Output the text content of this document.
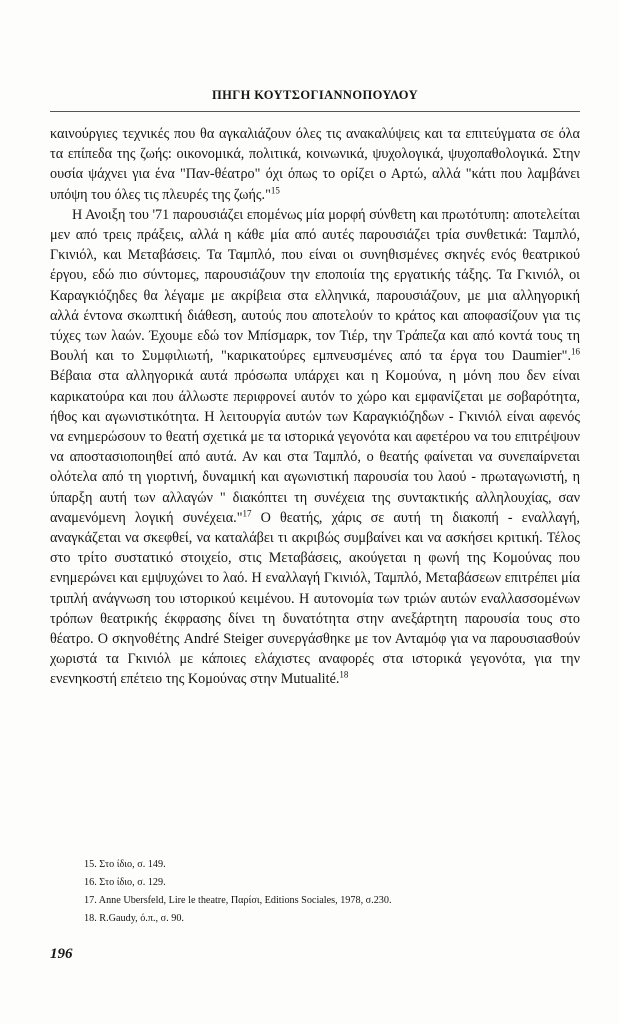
ΠΗΓΗ ΚΟΥΤΣΟΓΙΑΝΝΟΠΟΥΛΟΥ

καινούργιες τεχνικές που θα αγκαλιάζουν όλες τις ανακαλύψεις και τα επιτεύγματα σε όλα τα επίπεδα της ζωής: οικονομικά, πολιτικά, κοινωνικά, ψυχολογικά, ψυχοπαθολογικά. Στην ουσία ψάχνει για ένα "Παν-θέατρο" όχι όπως το ορίζει ο Αρτώ, αλλά "κάτι που λαμβάνει υπόψη του όλες τις πλευρές της ζωής."$^{15}$

Η Ανοιξη του '71 παρουσιάζει επομένως μία μορφή σύνθετη και πρωτότυπη: αποτελείται μεν από τρεις πράξεις, αλλά η κάθε μία από αυτές παρουσιάζει τρία συνθετικά: Ταμπλό, Γκινιόλ, και Μεταβάσεις. Τα Ταμπλό, που είναι οι συνηθισμένες σκηνές ενός θεατρικού έργου, εδώ πιο σύντομες, παρουσιάζουν την εποποιία της εργατικής τάξης. Τα Γκινιόλ, οι Καραγκιόζηδες θα λέγαμε με ακρίβεια στα ελληνικά, παρουσιάζουν, με μια αλληγορική αλλά έντονα σκωπτική διάθεση, αυτούς που αποτελούν το κράτος και αποφασίζουν για τις τύχες των λαών. Έχουμε εδώ τον Μπίσμαρκ, τον Τιέρ, την Τράπεζα και από κοντά τους τη Βουλή και το Συμφιλιωτή, "καρικατούρες εμπνευσμένες από τα έργα του Daumier".$^{16}$ Βέβαια στα αλληγορικά αυτά πρόσωπα υπάρχει και η Κομούνα, η μόνη που δεν είναι καρικατούρα και που άλλωστε περιφρονεί αυτόν το χώρο και εμφανίζεται με σοβαρότητα, ήθος και αγωνιστικότητα. Η λειτουργία αυτών των Καραγκιόζηδων - Γκινιόλ είναι αφενός να ενημερώσουν το θεατή σχετικά με τα ιστορικά γεγονότα και αφετέρου να του επιτρέψουν να αποστασιοποιηθεί από αυτά. Αν και στα Ταμπλό, ο θεατής φαίνεται να συνεπαίρνεται ολότελα από τη γιορτινή, δυναμική και αγωνιστική παρουσία του λαού - πρωταγωνιστή, η ύπαρξη αυτή των αλλαγών " διακόπτει τη συνέχεια της συντακτικής αλληλουχίας, σαν αναμενόμενη λογική συνέχεια."$^{17}$ Ο θεατής, χάρις σε αυτή τη διακοπή - εναλλαγή, αναγκάζεται να σκεφθεί, να καταλάβει τι ακριβώς συμβαίνει και να ασκήσει κριτική. Τέλος στο τρίτο συστατικό στοιχείο, στις Μεταβάσεις, ακούγεται η φωνή της Κομούνας που ενημερώνει και εμψυχώνει το λαό. Η εναλλαγή Γκινιόλ, Ταμπλό, Μεταβάσεων επιτρέπει μία τριπλή ανάγνωση του ιστορικού κειμένου. Η αυτονομία των τριών αυτών εναλλασσομένων τρόπων θεατρικής έκφρασης δίνει τη δυνατότητα στην ανεξάρτητη παρουσία τους στο θέατρο. Ο σκηνοθέτης André Steiger συνεργάσθηκε με τον Ανταμόφ για να παρουσιασθούν χωριστά τα Γκινιόλ με κάποιες ελάχιστες αναφορές στα ιστορικά γεγονότα, για την ενενηκοστή επέτειο της Κομούνας στην Mutualité.$^{18}$

15. Στο ίδιο, σ. 149.
16. Στο ίδιο, σ. 129.
17. Anne Ubersfeld, Lire le theatre, Παρίσι, Editions Sociales, 1978, σ.230.
18. R.Gaudy, ό.π., σ. 90.
196
